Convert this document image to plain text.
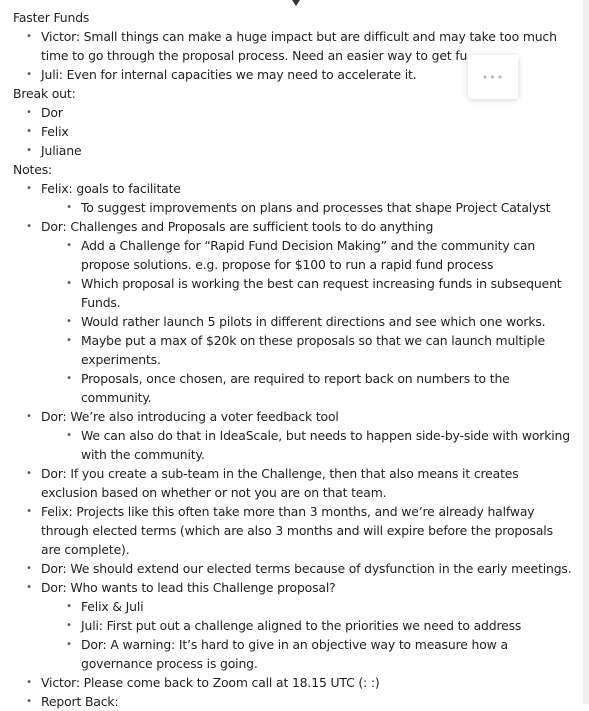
Faster Funds
• Victor: Small things can make a huge impact but are difficult and may take too much
time to go through the proposal process. Need an easier way to get fu
• Juli: Even for internal capacities we may need to accelerate it.
Break out:
• Dor
• Felix
• Juliane
Notes:
• Felix: goals to facilitate
• To suggest improvements on plans and processes that shape Project Catalyst
• Dor: Challenges and Proposals are sufficient tools to do anything
• Add a Challenge for “Rapid Fund Decision Making” and the community can
propose solutions. e.g. propose for $100 to run a rapid fund process
• Which proposal is working the best can request increasing funds in subsequent
Funds.
• Would rather launch 5 pilots in different directions and see which one works.
• Maybe put a max of $20k on these proposals so that we can launch multiple
experiments.
• Proposals, once chosen, are required to report back on numbers to the
community.
• Dor: We’re also introducing a voter feedback tool
• We can also do that in IdeaScale, but needs to happen side-by-side with working
with the community.
• Dor: If you create a sub-team in the Challenge, then that also means it creates
exclusion based on whether or not you are on that team.
• Felix: Projects like this often take more than 3 months, and we’re already halfway
through elected terms (which are also 3 months and will expire before the proposals
are complete).
• Dor: We should extend our elected terms because of dysfunction in the early meetings.
• Dor: Who wants to lead this Challenge proposal?
• Felix & Juli
• Juli: First put out a challenge aligned to the priorities we need to address
• Dor: A warning: It’s hard to give in an objective way to measure how a
governance process is going.
• Victor: Please come back to Zoom call at 18.15 UTC (: :)
• Report Back:
•••
